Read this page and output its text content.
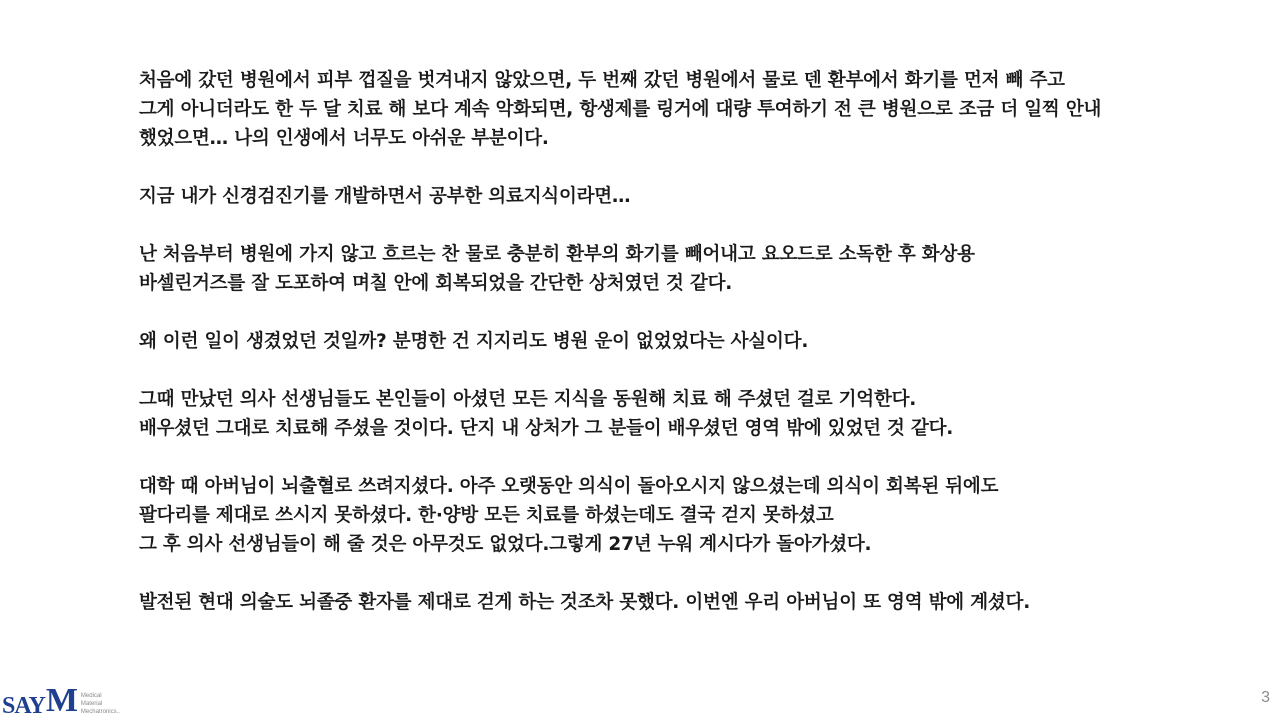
처음에 갔던 병원에서 피부 껍질을 벗겨내지 않았으면, 두 번째 갔던 병원에서 물로 덴 환부에서 화기를 먼저 빼 주고
그게 아니더라도 한 두 달 치료 해 보다 계속 악화되면, 항생제를 링거에 대량 투여하기 전 큰 병원으로 조금 더 일찍 안내
했었으면… 나의 인생에서 너무도 아쉬운 부분이다.
지금 내가 신경검진기를 개발하면서 공부한 의료지식이라면…
난 처음부터 병원에 가지 않고 흐르는 찬 물로 충분히 환부의 화기를 빼어내고 요오드로 소독한 후 화상용
바셀린거즈를 잘 도포하여 며칠 안에 회복되었을 간단한 상처였던 것 같다.
왜 이런 일이 생겼었던 것일까? 분명한 건 지지리도 병원 운이 없었었다는 사실이다.
그때 만났던 의사 선생님들도 본인들이 아셨던 모든 지식을 동원해 치료 해 주셨던 걸로 기억한다.
배우셨던 그대로 치료해 주셨을 것이다. 단지 내 상처가 그 분들이 배우셨던 영역 밖에 있었던 것 같다.
대학 때 아버님이 뇌출혈로 쓰려지셨다. 아주 오랫동안 의식이 돌아오시지 않으셨는데 의식이 회복된 뒤에도
팔다리를 제대로 쓰시지 못하셨다. 한·양방 모든 치료를 하셨는데도 결국 걷지 못하셨고
그 후 의사 선생님들이 해 줄 것은 아무것도 없었다.그렇게 27년 누워 계시다가 돌아가셨다.
발전된 현대 의술도 뇌졸중 환자를 제대로 걷게 하는 것조차 못했다. 이번엔 우리 아버님이 또 영역 밖에 계셨다.
SAY M Medical
Material
Mechatronics..
3
